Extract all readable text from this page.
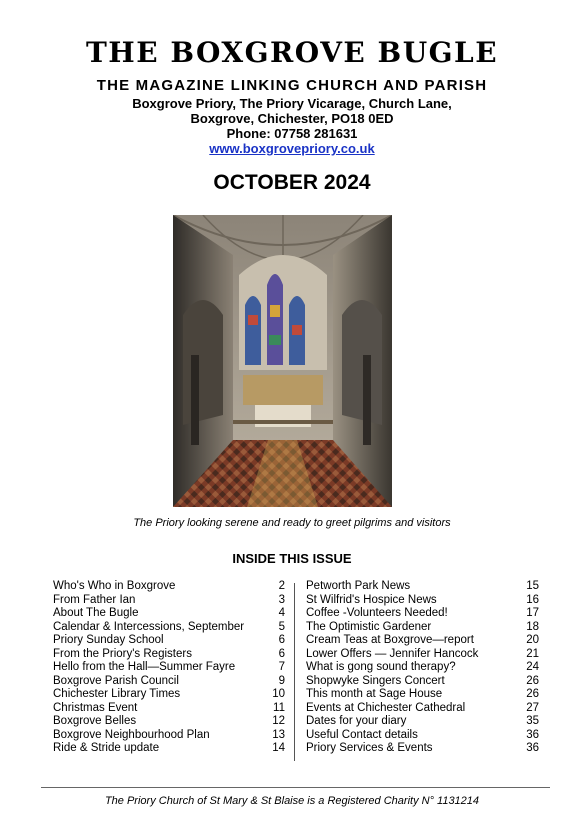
THE BOXGROVE BUGLE
THE MAGAZINE LINKING CHURCH AND PARISH
Boxgrove Priory, The Priory Vicarage, Church Lane,
Boxgrove, Chichester, PO18 0ED
Phone: 07758 281631
www.boxgrovepriory.co.uk
OCTOBER 2024
The Priory looking serene and ready to greet pilgrims and visitors
INSIDE THIS ISSUE
Who's Who in Boxgrove	2
From Father Ian	3
About The Bugle	4
Calendar & Intercessions, September	5
Priory Sunday School	6
From the Priory's Registers	6
Hello from the Hall—Summer Fayre	7
Boxgrove Parish Council	9
Chichester Library Times	10
Christmas Event	11
Boxgrove Belles	12
Boxgrove Neighbourhood Plan	13
Ride & Stride update	14
Petworth Park News	15
St Wilfrid's Hospice News	16
Coffee -Volunteers Needed!	17
The Optimistic Gardener	18
Cream Teas at Boxgrove—report	20
Lower Offers — Jennifer Hancock	21
What is gong sound therapy?	24
Shopwyke Singers Concert	26
This month at Sage House	26
Events at Chichester Cathedral	27
Dates for your diary	35
Useful Contact details	36
Priory Services & Events	36
The Priory Church of St Mary & St Blaise is a Registered Charity N° 1131214
